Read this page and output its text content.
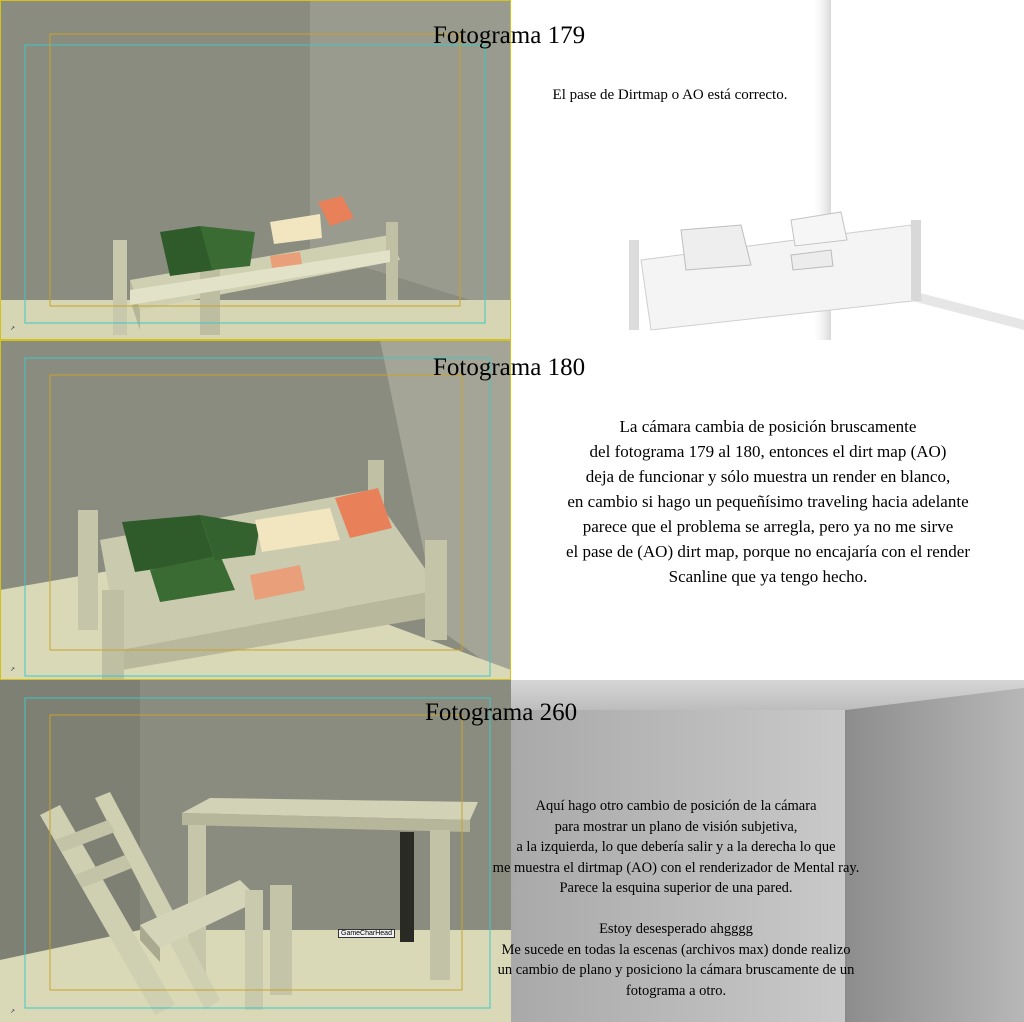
↗
Fotograma 179

El pase de Dirtmap o AO está correcto.

↗
Fotograma 180

La cámara cambia de posición bruscamente
del fotograma 179 al 180, entonces el dirt map (AO)
deja de funcionar y sólo muestra un render en blanco,
en cambio si hago un pequeñísimo traveling hacia adelante
parece que el problema se arregla, pero ya no me sirve
el pase de (AO) dirt map, porque no encajaría con el render
Scanline que ya tengo hecho.

GameCharHead
↗
Fotograma 260

Aquí hago otro cambio de posición de la cámara
para mostrar un plano de visión subjetiva,
a la izquierda, lo que debería salir y a la derecha lo que
me muestra el dirtmap (AO) con el renderizador de Mental ray.
Parece la esquina superior de una pared.

Estoy desesperado ahgggg
Me sucede en todas la escenas (archivos max) donde realizo
un cambio de plano y posiciono la cámara bruscamente de un
fotograma a otro.
